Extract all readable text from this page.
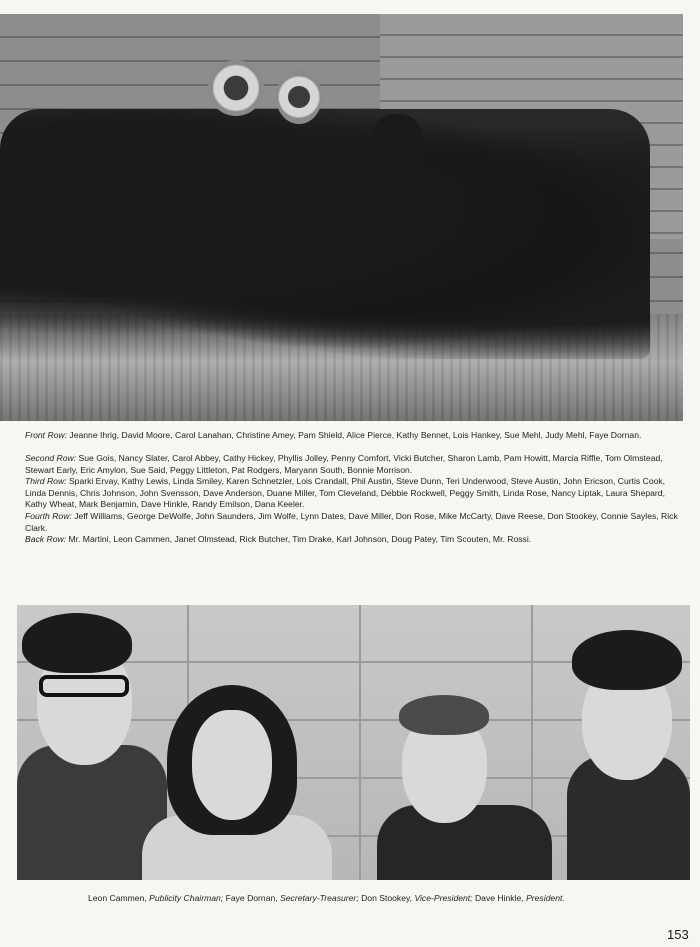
Front Row: Jeanne Ihrig, David Moore, Carol Lanahan, Christine Amey, Pam Shield, Alice Pierce, Kathy Bennet, Lois Hankey, Sue Mehl, Judy Mehl, Faye Dornan.
Second Row: Sue Gois, Nancy Slater, Carol Abbey, Cathy Hickey, Phyllis Jolley, Penny Comfort, Vicki Butcher, Sharon Lamb, Pam Howitt, Marcia Riffle, Tom Olmstead, Stewart Early, Eric Amylon, Sue Said, Peggy Littleton, Pat Rodgers, Maryann South, Bonnie Morrison.
Third Row: Sparki Ervay, Kathy Lewis, Linda Smiley, Karen Schnetzler, Lois Crandall, Phil Austin, Steve Dunn, Teri Underwood, Steve Austin, John Ericson, Curtis Cook, Linda Dennis, Chris Johnson, John Svensson, Dave Anderson, Duane Miller, Tom Cleveland, Debbie Rockwell, Peggy Smith, Linda Rose, Nancy Liptak, Laura Shepard, Kathy Wheat, Mark Benjamin, Dave Hinkle, Randy Emilson, Dana Keeler.
Fourth Row: Jeff Williams, George DeWolfe, John Saunders, Jim Wolfe, Lynn Dates, Dave Miller, Don Rose, Mike McCarty, Dave Reese, Don Stookey, Connie Sayles, Rick Clark.
Back Row: Mr. Martini, Leon Cammen, Janet Olmstead, Rick Butcher, Tim Drake, Karl Johnson, Doug Patey, Tim Scouten, Mr. Rossi.
Leon Cammen, Publicity Chairman; Faye Dornan, Secretary-Treasurer; Don Stookey, Vice-President; Dave Hinkle, President.
153
